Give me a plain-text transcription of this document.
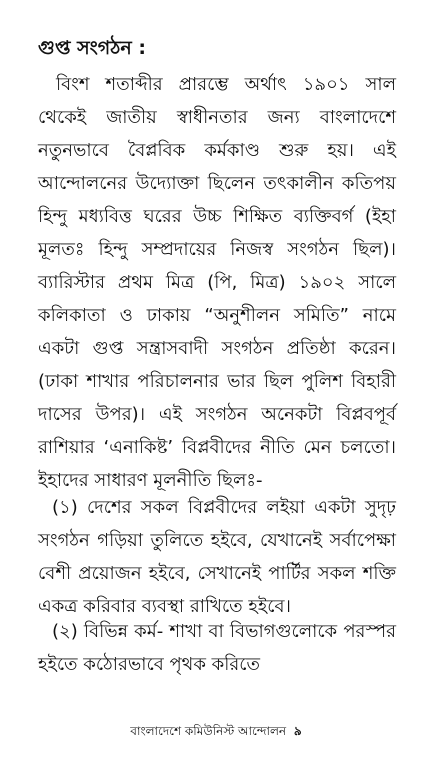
গুপ্ত সংগঠন :

বিংশ শতাব্দীর প্রারম্ভে অর্থাৎ ১৯০১ সাল থেকেই জাতীয় স্বাধীনতার জন্য বাংলাদেশে নতুনভাবে বৈপ্লবিক কর্মকাণ্ড শুরু হয়। এই আন্দোলনের উদ্যোক্তা ছিলেন তৎকালীন কতিপয় হিন্দু মধ্যবিত্ত ঘরের উচ্চ শিক্ষিত ব্যক্তিবর্গ (ইহা মূলতঃ হিন্দু সম্প্রদায়ের নিজস্ব সংগঠন ছিল)। ব্যারিস্টার প্রথম মিত্র (পি, মিত্র) ১৯০২ সালে কলিকাতা ও ঢাকায় “অনুশীলন সমিতি” নামে একটা গুপ্ত সন্ত্রাসবাদী সংগঠন প্রতিষ্ঠা করেন। (ঢাকা শাখার পরিচালনার ভার ছিল পুলিশ বিহারী দাসের উপর)। এই সংগঠন অনেকটা বিপ্লবপূর্ব রাশিয়ার ‘এনাকিষ্ট’ বিপ্লবীদের নীতি মেন চলতো। ইহাদের সাধারণ মূলনীতি ছিলঃ-

(১) দেশের সকল বিপ্লবীদের লইয়া একটা সুদৃঢ় সংগঠন গড়িয়া তুলিতে হইবে, যেখানেই সর্বাপেক্ষা বেশী প্রয়োজন হইবে, সেখানেই পার্টির সকল শক্তি একত্র করিবার ব্যবস্থা রাখিতে হইবে।

(২) বিভিন্ন কর্ম- শাখা বা বিভাগগুলোকে পরস্পর হইতে কঠোরভাবে পৃথক করিতে

বাংলাদেশে কমিউনিস্ট আন্দোলন ৯
